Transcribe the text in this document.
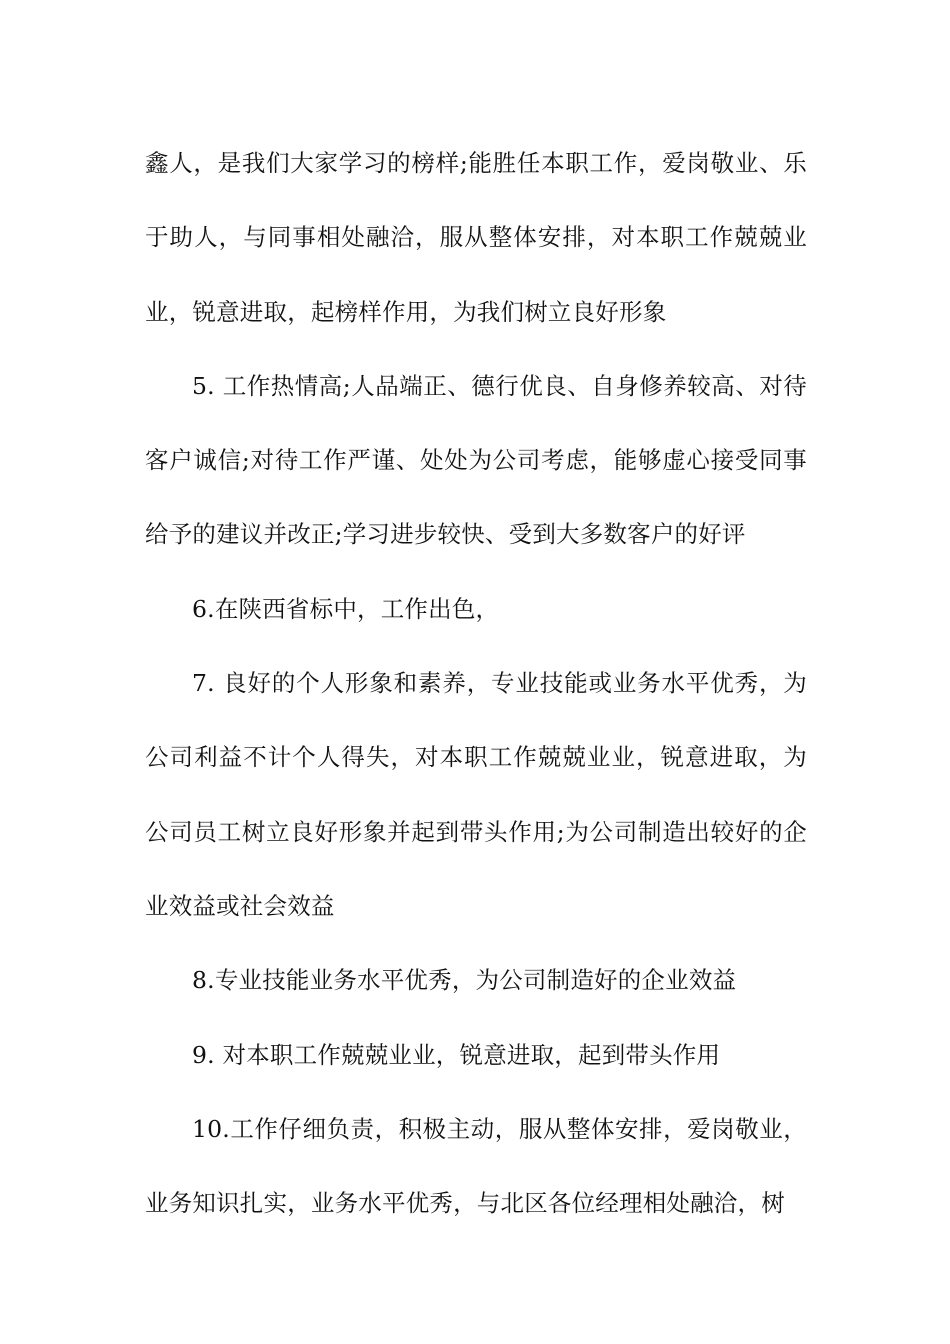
鑫人，是我们大家学习的榜样;能胜任本职工作，爱岗敬业、乐于助人，与同事相处融洽，服从整体安排，对本职工作兢兢业业，锐意进取，起榜样作用，为我们树立良好形象

5. 工作热情高;人品端正、德行优良、自身修养较高、对待客户诚信;对待工作严谨、处处为公司考虑，能够虚心接受同事给予的建议并改正;学习进步较快、受到大多数客户的好评

6.在陕西省标中，工作出色，

7. 良好的个人形象和素养，专业技能或业务水平优秀，为公司利益不计个人得失，对本职工作兢兢业业，锐意进取，为公司员工树立良好形象并起到带头作用;为公司制造出较好的企业效益或社会效益

8.专业技能业务水平优秀，为公司制造好的企业效益

9. 对本职工作兢兢业业，锐意进取，起到带头作用

10.工作仔细负责，积极主动，服从整体安排，爱岗敬业，业务知识扎实，业务水平优秀，与北区各位经理相处融洽，树
